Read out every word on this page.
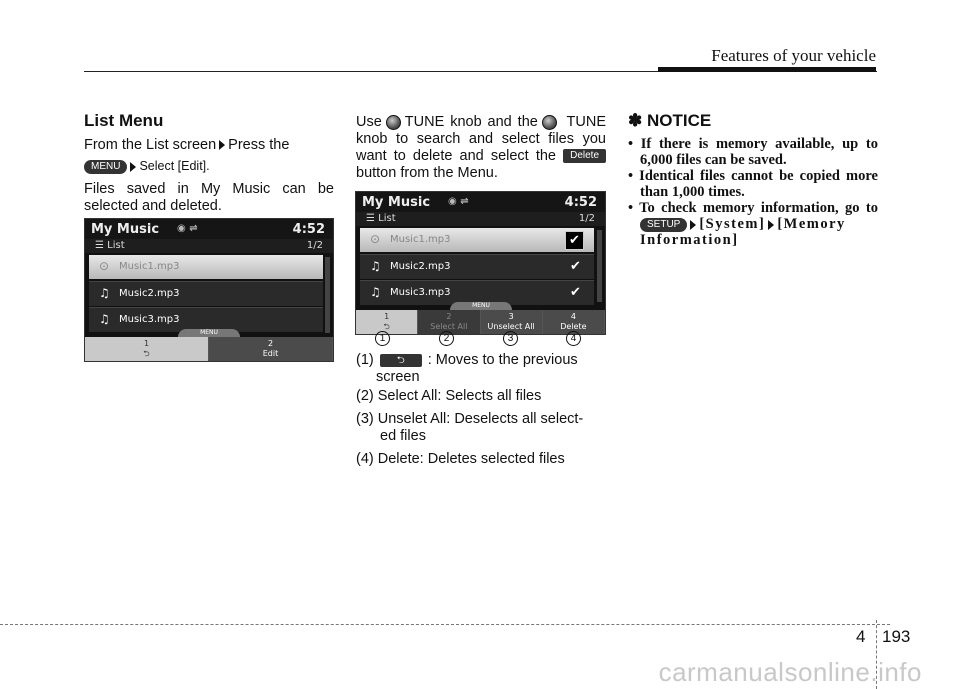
Features of your vehicle
List Menu

From the List screen Press the

MENU Select [Edit].

Files saved in My Music can be selected and deleted.

My Music ◉ ⇌	4:52
☰ List	1/2
⊙ Music1.mp3
♫ Music2.mp3
♫ Music3.mp3
MENU
1
⮌
2
Edit

Use TUNE knob and the TUNE knob to search and select files you want to delete and select the Delete button from the Menu.

My Music ◉ ⇌	4:52
☰ List	1/2
⊙ Music1.mp3	✔
♫ Music2.mp3	✔
♫ Music3.mp3	✔
MENU
1
⮌
2
Select All
3
Unselect All
4
Delete
1	2	3	4

(1) ⮌ : Moves to the previous
screen

(2) Select All: Selects all files

(3) Unselet All: Deselects all select-
ed files

(4) Delete: Deletes selected files

✽ NOTICE
• If there is memory available, up to 6,000 files can be saved.
• Identical files cannot be copied more than 1,000 times.
• To check memory information, go to SETUP [System] [Memory Information]
4 193
carmanualsonline.info
